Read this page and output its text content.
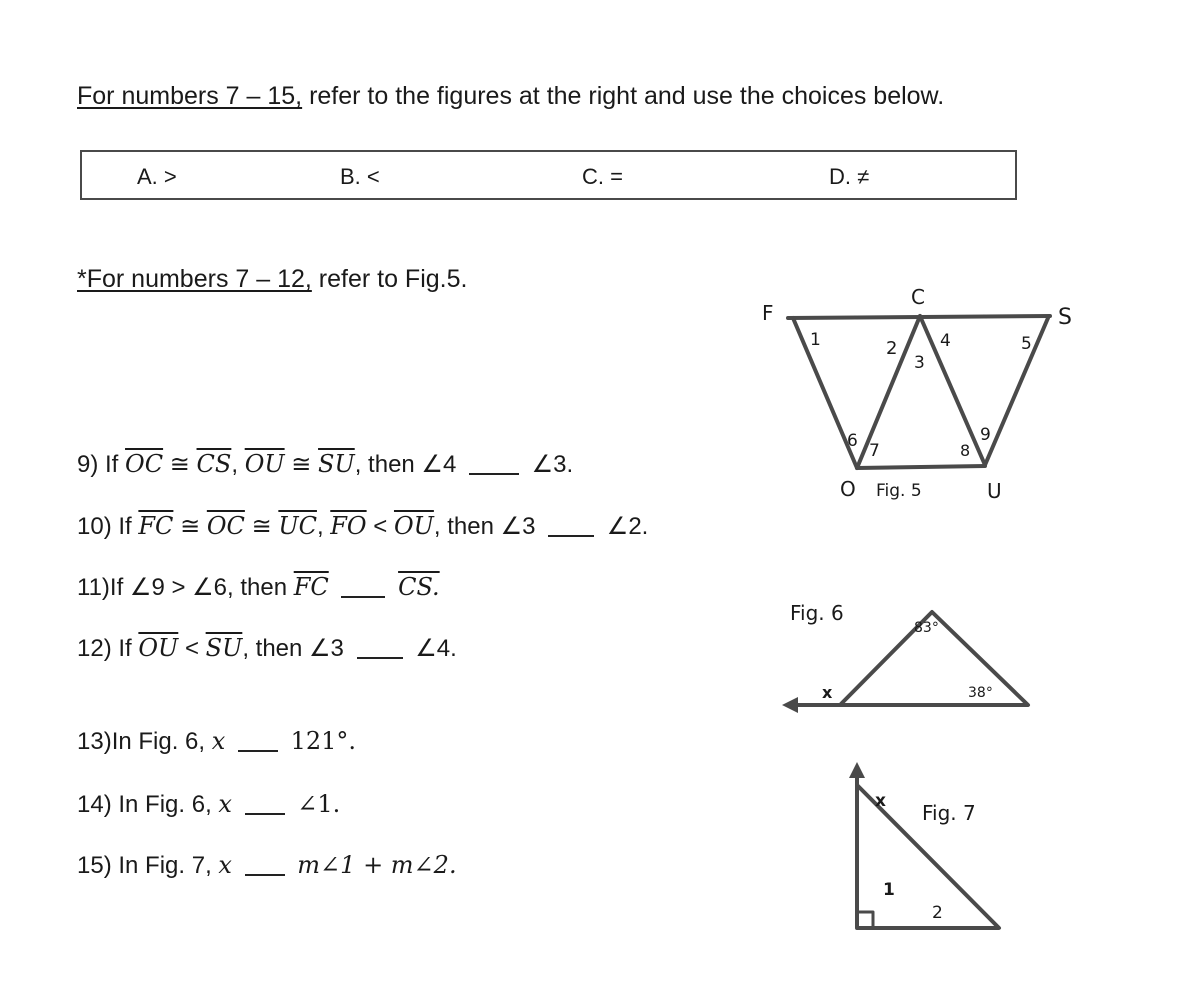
For numbers 7 – 15, refer to the figures at the right and use the choices below.
A. >	B. <	C. =	D. ≠
*For numbers 7 – 12, refer to Fig.5.
9) If $\overline{OC}$ ≅ $\overline{CS}$, $\overline{OU}$ ≅ $\overline{SU}$, then ∠4	∠3.
10) If $\overline{FC}$ ≅ $\overline{OC}$ ≅ $\overline{UC}$, $\overline{FO} < \overline{OU}$, then ∠3	∠2.
11)If ∠9 > ∠6, then $\overline{FC}$	CS.
12) If $\overline{OU} < \overline{SU}$, then ∠3	∠4.
13)In Fig. 6, x	121°.
14) In Fig. 6, x	∠1.
15) In Fig. 7, x	m∠1 + m∠2.
F
C
S
O	U
Fig. 5
1	2
3
4	5
6 7	8
9
Fig. 6
83°
38°
x
x Fig. 7
1
2
